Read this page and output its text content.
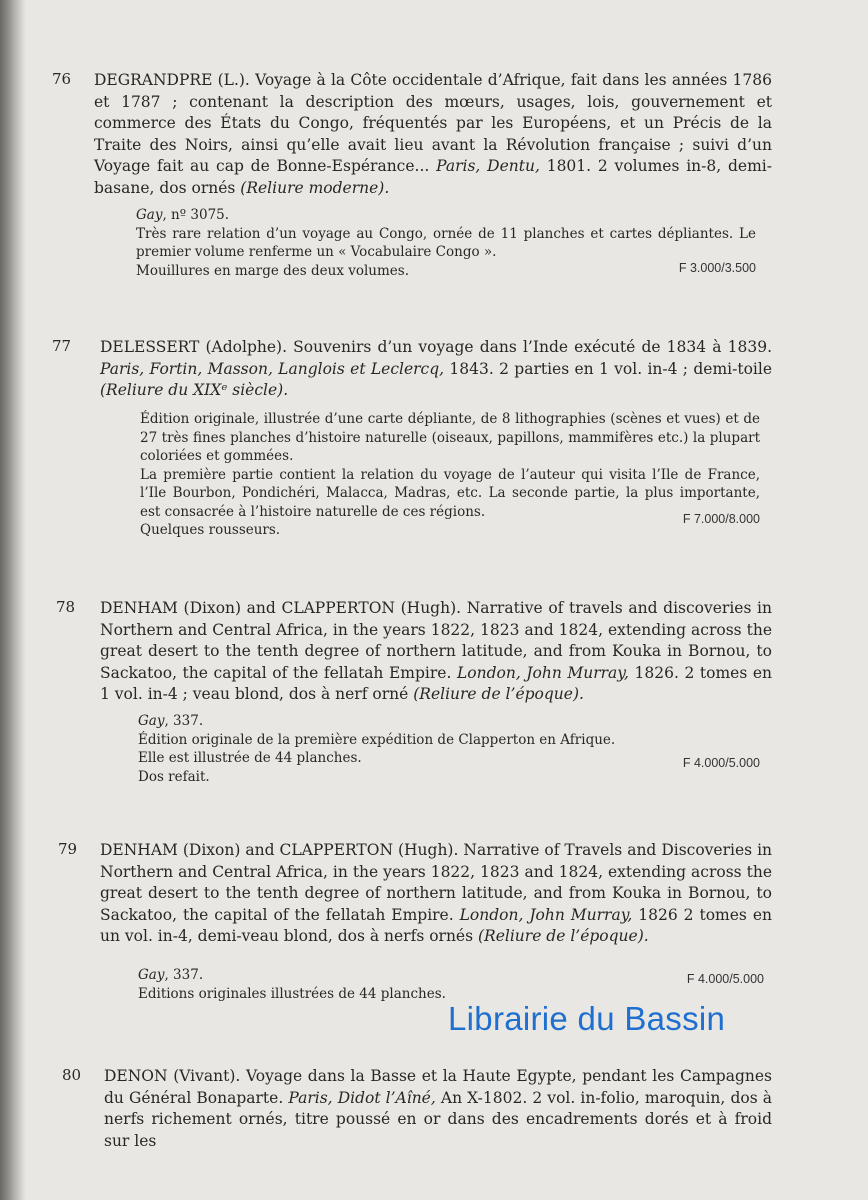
76 DEGRANDPRE (L.). Voyage à la Côte occidentale d’Afrique, fait dans les années 1786 et 1787 ; contenant la description des mœurs, usages, lois, gouvernement et commerce des États du Congo, fréquentés par les Européens, et un Précis de la Traite des Noirs, ainsi qu’elle avait lieu avant la Révolution française ; suivi d’un Voyage fait au cap de Bonne-Espérance... Paris, Dentu, 1801. 2 volumes in-8, demi-basane, dos ornés (Reliure moderne).

Gay, nº 3075.

Très rare relation d’un voyage au Congo, ornée de 11 planches et cartes dépliantes. Le premier volume renferme un « Vocabulaire Congo ».

Mouillures en marge des deux volumes.	F 3.000/3.500
77 DELESSERT (Adolphe). Souvenirs d’un voyage dans l’Inde exécuté de 1834 à 1839. Paris, Fortin, Masson, Langlois et Leclercq, 1843. 2 parties en 1 vol. in-4 ; demi-toile (Reliure du XIXᵉ siècle).

Édition originale, illustrée d’une carte dépliante, de 8 lithographies (scènes et vues) et de 27 très fines planches d’histoire naturelle (oiseaux, papillons, mammifères etc.) la plupart coloriées et gommées.

La première partie contient la relation du voyage de l’auteur qui visita l’Ile de France, l’Ile Bourbon, Pondichéri, Malacca, Madras, etc. La seconde partie, la plus importante, est consacrée à l’histoire naturelle de ces régions.

Quelques rousseurs.

F 7.000/8.000
78 DENHAM (Dixon) and CLAPPERTON (Hugh). Narrative of travels and discoveries in Northern and Central Africa, in the years 1822, 1823 and 1824, extending across the great desert to the tenth degree of northern latitude, and from Kouka in Bornou, to Sackatoo, the capital of the fellatah Empire. London, John Murray, 1826. 2 tomes en 1 vol. in-4 ; veau blond, dos à nerf orné (Reliure de l’époque).

Gay, 337.

Édition originale de la première expédition de Clapperton en Afrique.

Elle est illustrée de 44 planches.

Dos refait.

F 4.000/5.000
79 DENHAM (Dixon) and CLAPPERTON (Hugh). Narrative of Travels and Discoveries in Northern and Central Africa, in the years 1822, 1823 and 1824, extending across the great desert to the tenth degree of northern latitude, and from Kouka in Bornou, to Sackatoo, the capital of the fellatah Empire. London, John Murray, 1826 2 tomes en un vol. in-4, demi-veau blond, dos à nerfs ornés (Reliure de l’époque).

Gay, 337.

Editions originales illustrées de 44 planches.

F 4.000/5.000
80 DENON (Vivant). Voyage dans la Basse et la Haute Egypte, pendant les Campagnes du Général Bonaparte. Paris, Didot l’Aîné, An X-1802. 2 vol. in-folio, maroquin, dos à nerfs richement ornés, titre poussé en or dans des encadrements dorés et à froid sur les
Librairie du Bassin
